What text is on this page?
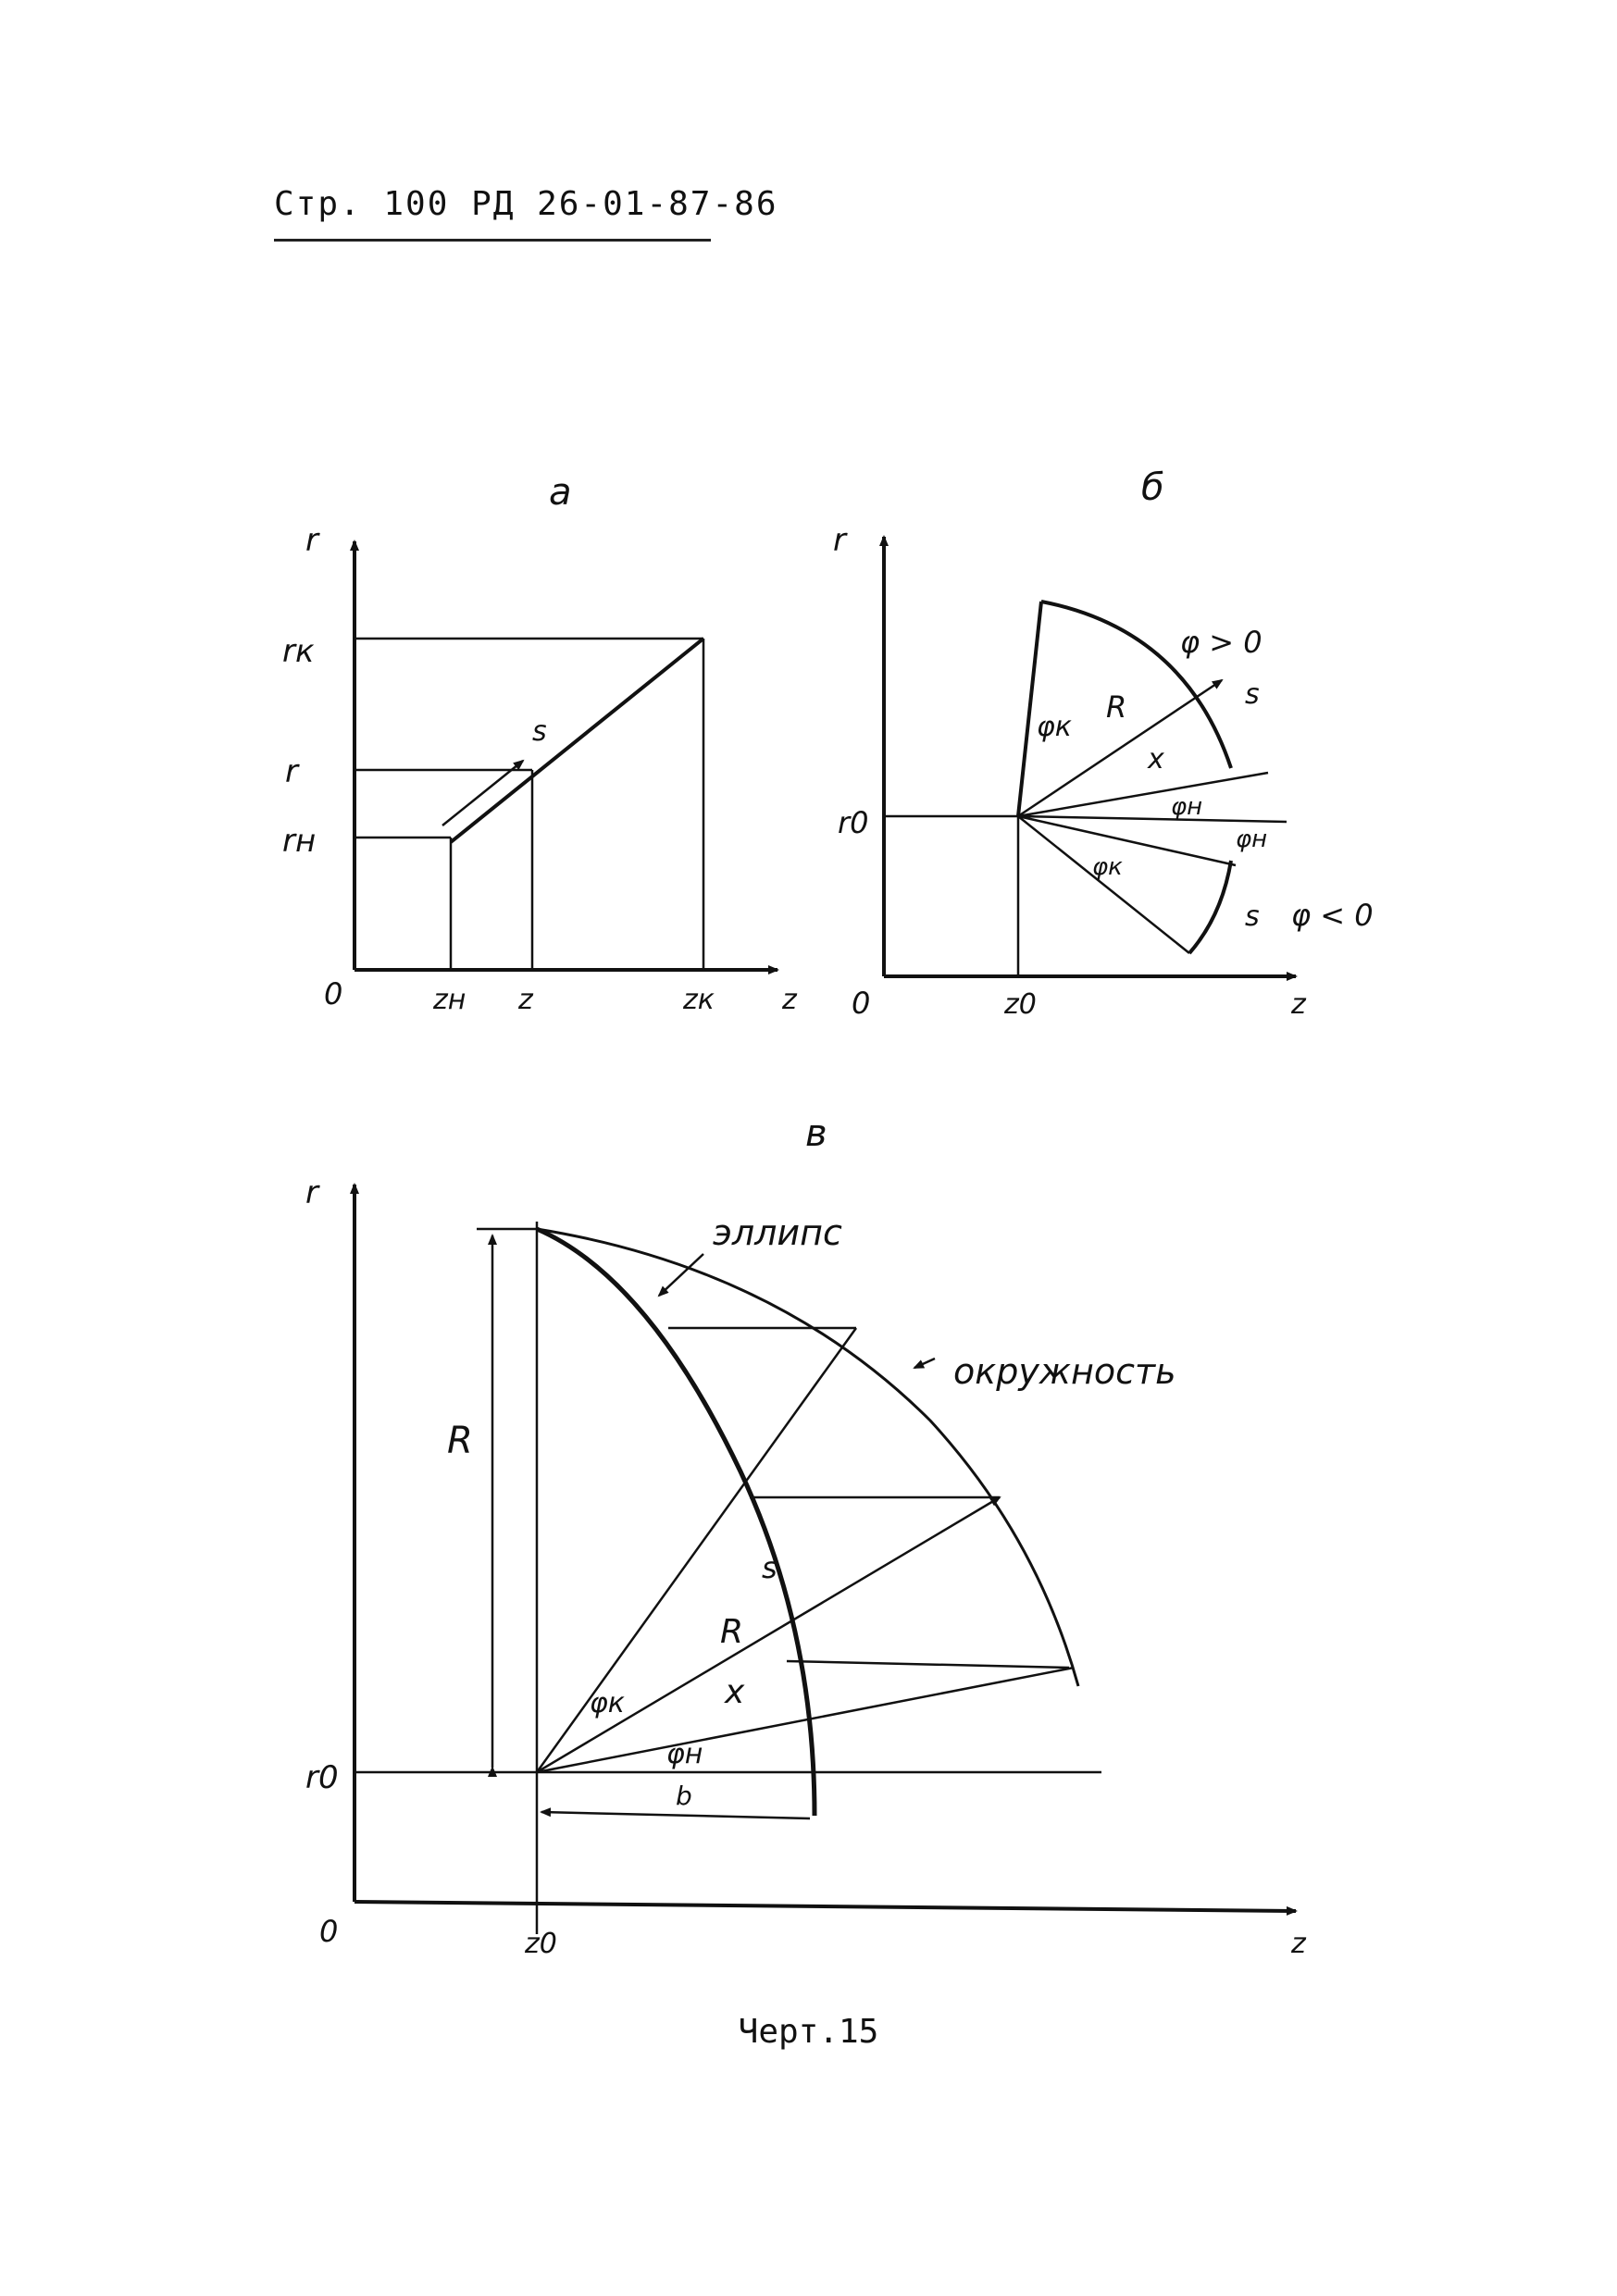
Стр. 100 РД 26-01-87-86
а
rк
r
rн
r
0	zн z	zк z
s
б
φк
R
x
φн
s
φ > 0
φн
φк
s φ < 0
r
r0
0	z0	z
в
эллипс
окружность
R
R
s
x
φк
φн
b
r
r0
0	z0	z
Черт.15
